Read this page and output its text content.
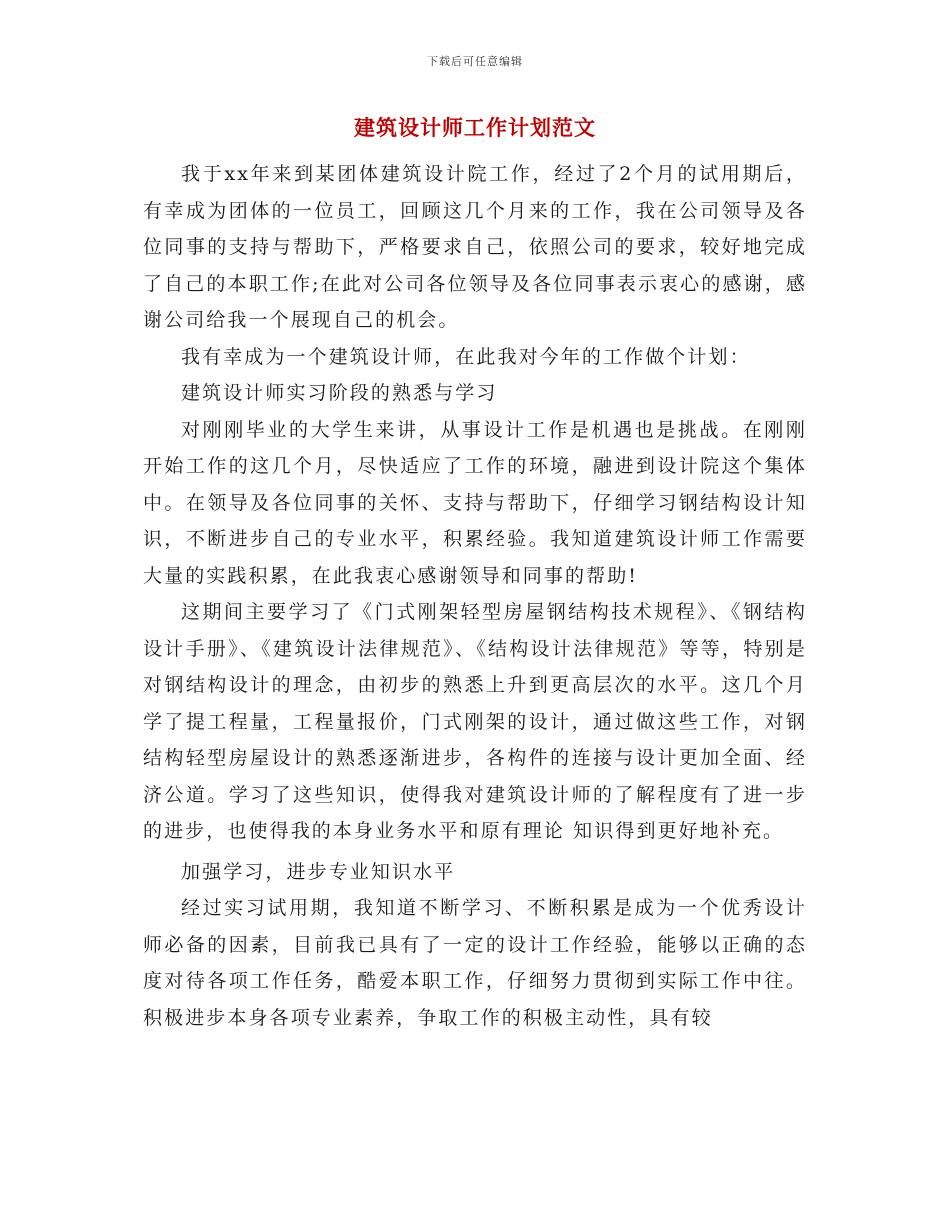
下载后可任意编辑
建筑设计师工作计划范文

我于xx年来到某团体建筑设计院工作，经过了2个月的试用期后，有幸成为团体的一位员工，回顾这几个月来的工作，我在公司领导及各位同事的支持与帮助下，严格要求自己，依照公司的要求，较好地完成了自己的本职工作;在此对公司各位领导及各位同事表示衷心的感谢，感谢公司给我一个展现自己的机会。

我有幸成为一个建筑设计师，在此我对今年的工作做个计划：

建筑设计师实习阶段的熟悉与学习

对刚刚毕业的大学生来讲，从事设计工作是机遇也是挑战。在刚刚开始工作的这几个月，尽快适应了工作的环境，融进到设计院这个集体中。在领导及各位同事的关怀、支持与帮助下，仔细学习钢结构设计知识，不断进步自己的专业水平，积累经验。我知道建筑设计师工作需要大量的实践积累，在此我衷心感谢领导和同事的帮助!

这期间主要学习了《门式刚架轻型房屋钢结构技术规程》、《钢结构设计手册》、《建筑设计法律规范》、《结构设计法律规范》等等，特别是对钢结构设计的理念，由初步的熟悉上升到更高层次的水平。这几个月学了提工程量，工程量报价，门式刚架的设计，通过做这些工作，对钢结构轻型房屋设计的熟悉逐渐进步，各构件的连接与设计更加全面、经济公道。学习了这些知识，使得我对建筑设计师的了解程度有了进一步的进步，也使得我的本身业务水平和原有理论 知识得到更好地补充。

加强学习，进步专业知识水平

经过实习试用期，我知道不断学习、不断积累是成为一个优秀设计师必备的因素，目前我已具有了一定的设计工作经验，能够以正确的态度对待各项工作任务，酷爱本职工作，仔细努力贯彻到实际工作中往。积极进步本身各项专业素养，争取工作的积极主动性，具有较
